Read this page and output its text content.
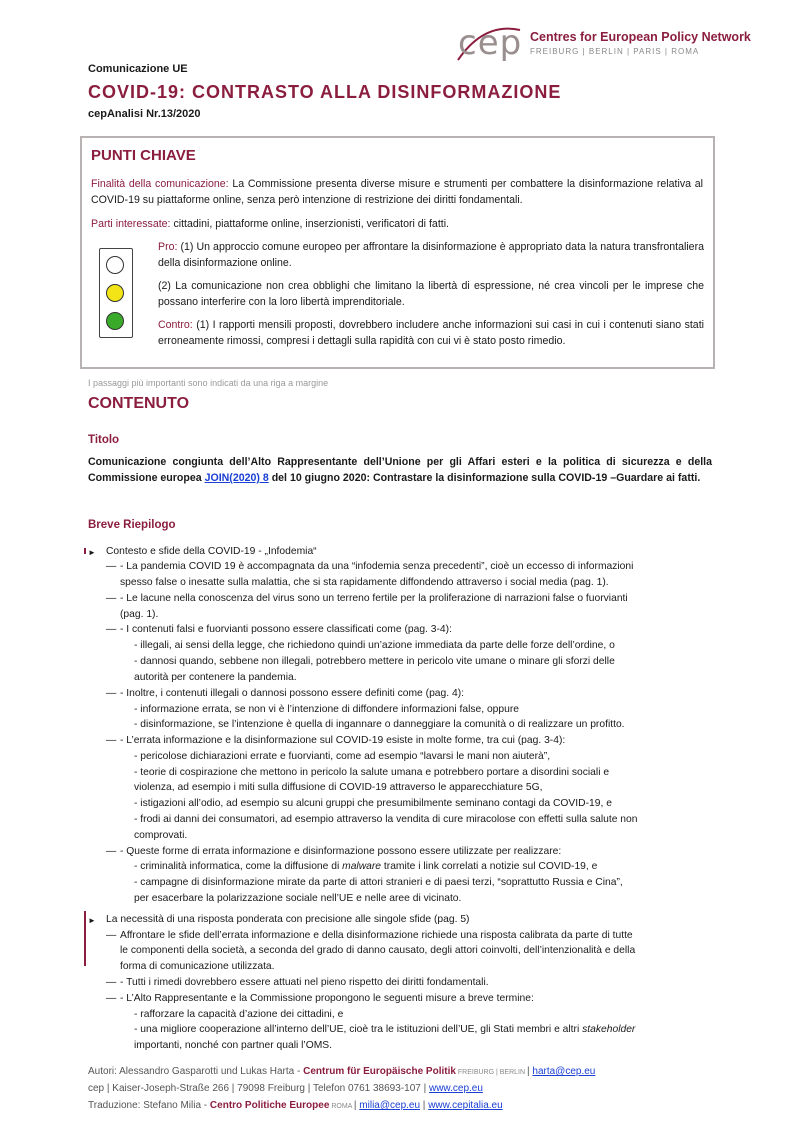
cep Centres for European Policy Network
FREIBURG | BERLIN | PARIS | ROMA
Comunicazione UE
COVID-19: CONTRASTO ALLA DISINFORMAZIONE
cepAnalisi Nr.13/2020
PUNTI CHIAVE
Finalità della comunicazione: La Commissione presenta diverse misure e strumenti per combattere la disinformazione relativa al COVID-19 su piattaforme online, senza però intenzione di restrizione dei diritti fondamentali.
Parti interessate: cittadini, piattaforme online, inserzionisti, verificatori di fatti.
Pro: (1) Un approccio comune europeo per affrontare la disinformazione è appropriato data la natura transfrontaliera della disinformazione online.
(2) La comunicazione non crea obblighi che limitano la libertà di espressione, né crea vincoli per le imprese che possano interferire con la loro libertà imprenditoriale.
Contro: (1) I rapporti mensili proposti, dovrebbero includere anche informazioni sui casi in cui i contenuti siano stati erroneamente rimossi, compresi i dettagli sulla rapidità con cui vi è stato posto rimedio.
I passaggi più importanti sono indicati da una riga a margine
CONTENUTO
Titolo
Comunicazione congiunta dell’Alto Rappresentante dell’Unione per gli Affari esteri e la politica di sicurezza e della Commissione europea JOIN(2020) 8 del 10 giugno 2020: Contrastare la disinformazione sulla COVID-19 –Guardare ai fatti.
Breve Riepilogo
► Contesto e sfide della COVID-19 - „Infodemia“
— - La pandemia COVID 19 è accompagnata da una “infodemia senza precedenti”, cioè un eccesso di informazioni
spesso false o inesatte sulla malattia, che si sta rapidamente diffondendo attraverso i social media (pag. 1).
— - Le lacune nella conoscenza del virus sono un terreno fertile per la proliferazione di narrazioni false o fuorvianti
(pag. 1).
— - I contenuti falsi e fuorvianti possono essere classificati come (pag. 3-4):
- illegali, ai sensi della legge, che richiedono quindi un’azione immediata da parte delle forze dell’ordine, o
- dannosi quando, sebbene non illegali, potrebbero mettere in pericolo vite umane o minare gli sforzi delle
autorità per contenere la pandemia.
— - Inoltre, i contenuti illegali o dannosi possono essere definiti come (pag. 4):
- informazione errata, se non vi è l’intenzione di diffondere informazioni false, oppure
- disinformazione, se l’intenzione è quella di ingannare o danneggiare la comunità o di realizzare un profitto.
— - L’errata informazione e la disinformazione sul COVID-19 esiste in molte forme, tra cui (pag. 3-4):
- pericolose dichiarazioni errate e fuorvianti, come ad esempio “lavarsi le mani non aiuterà”,
- teorie di cospirazione che mettono in pericolo la salute umana e potrebbero portare a disordini sociali e
violenza, ad esempio i miti sulla diffusione di COVID-19 attraverso le apparecchiature 5G,
- istigazioni all’odio, ad esempio su alcuni gruppi che presumibilmente seminano contagi da COVID-19, e
- frodi ai danni dei consumatori, ad esempio attraverso la vendita di cure miracolose con effetti sulla salute non
comprovati.
— - Queste forme di errata informazione e disinformazione possono essere utilizzate per realizzare:
- criminalità informatica, come la diffusione di malware tramite i link correlati a notizie sul COVID-19, e
- campagne di disinformazione mirate da parte di attori stranieri e di paesi terzi, “soprattutto Russia e Cina”,
per esacerbare la polarizzazione sociale nell’UE e nelle aree di vicinato.
► La necessità di una risposta ponderata con precisione alle singole sfide (pag. 5)
— Affrontare le sfide dell’errata informazione e della disinformazione richiede una risposta calibrata da parte di tutte
le componenti della società, a seconda del grado di danno causato, degli attori coinvolti, dell’intenzionalità e della
forma di comunicazione utilizzata.
— - Tutti i rimedi dovrebbero essere attuati nel pieno rispetto dei diritti fondamentali.
— - L’Alto Rappresentante e la Commissione propongono le seguenti misure a breve termine:
- rafforzare la capacità d’azione dei cittadini, e
- una migliore cooperazione all’interno dell’UE, cioè tra le istituzioni dell’UE, gli Stati membri e altri stakeholder
importanti, nonché con partner quali l’OMS.
Autori: Alessandro Gasparotti und Lukas Harta - Centrum für Europäische Politik FREIBURG | BERLIN | harta@cep.eu
cep | Kaiser-Joseph-Straße 266 | 79098 Freiburg | Telefon 0761 38693-107 | www.cep.eu
Traduzione: Stefano Milia - Centro Politiche Europee ROMA | milia@cep.eu | www.cepitalia.eu
